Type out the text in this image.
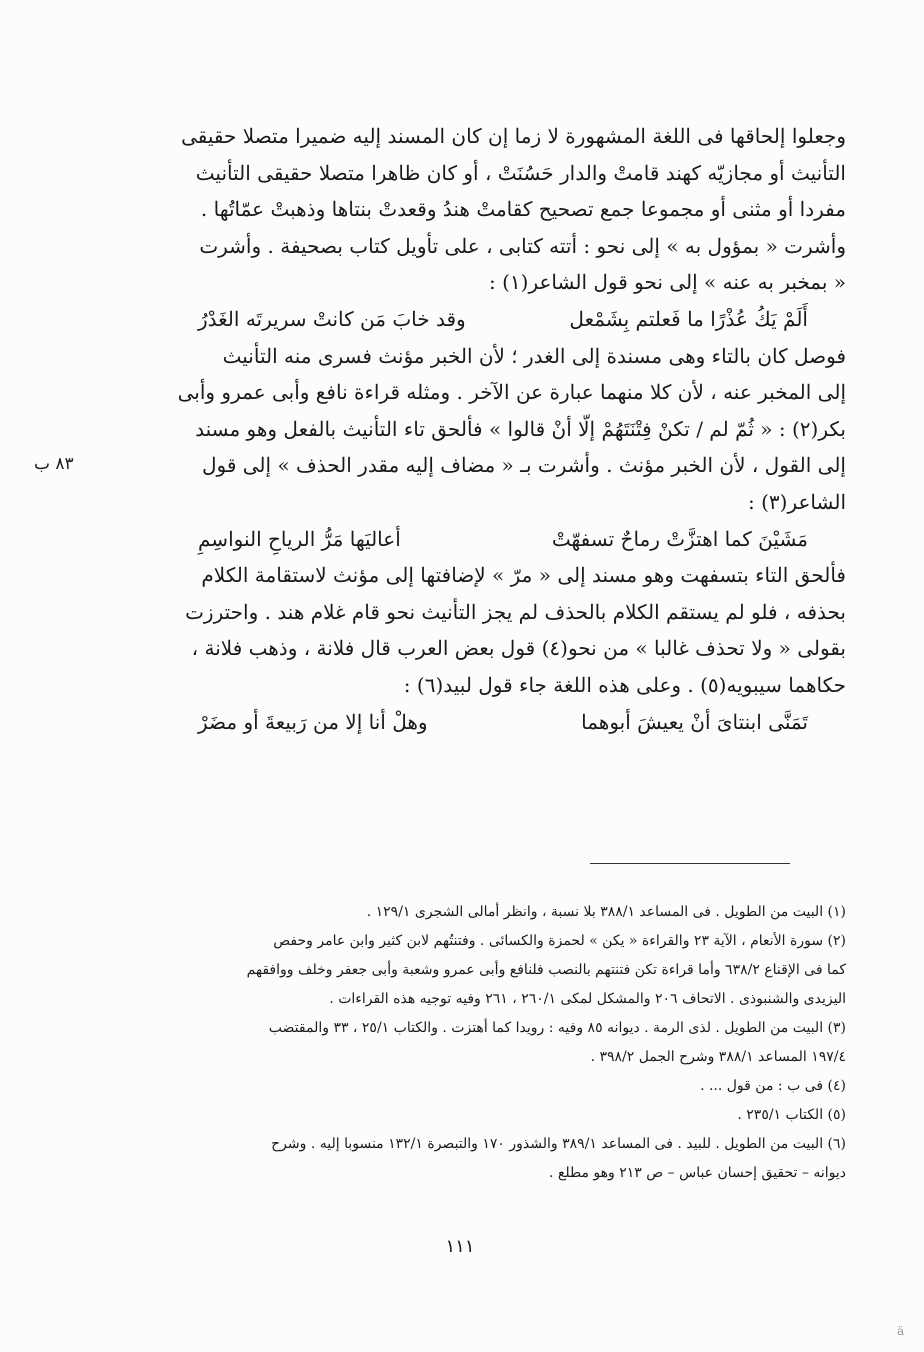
وجعلوا إلحاقها فى اللغة المشهورة لا زما إن كان المسند إليه ضميرا متصلا حقيقى

التأنيث أو مجازيّه كهند قامتْ والدار حَسُنَتْ ، أو كان ظاهرا متصلا حقيقى التأنيث

مفردا أو مثنى أو مجموعا جمع تصحيح كقامتْ هندُ وقعدتْ بنتاها وذهبتْ عمّاتُها .

وأشرت « بمؤول به » إلى نحو : أتته كتابى ، على تأويل كتاب بصحيفة . وأشرت

« بمخبر به عنه » إلى نحو قول الشاعر(١) :

أَلَمْ يَكُ عُذْرًا ما فَعلتم بِشَمْعل
وقد خابَ مَن كانتْ سريرتَه الغَدْرُ

فوصل كان بالتاء وهى مسندة إلى الغدر ؛ لأن الخبر مؤنث فسرى منه التأنيث

إلى المخبر عنه ، لأن كلا منهما عبارة عن الآخر . ومثله قراءة نافع وأبى عمرو وأبى

بكر(٢) : « ثُمّ لم / تكنْ فِتْنَتَهُمْ إلّا أنْ قالوا » فألحق تاء التأنيث بالفعل وهو مسند

إلى القول ، لأن الخبر مؤنث . وأشرت بـ « مضاف إليه مقدر الحذف » إلى قول

الشاعر(٣) :

مَشَيْنَ كما اهتزَّتْ رماحٌ تسفهّتْ
أعاليَها مَرُّ الرياحِ النواسِمِ

فألحق التاء بتسفهت وهو مسند إلى « مرّ » لإضافتها إلى مؤنث لاستقامة الكلام

بحذفه ، فلو لم يستقم الكلام بالحذف لم يجز التأنيث نحو قام غلام هند . واحترزت

بقولى « ولا تحذف غالبا » من نحو(٤) قول بعض العرب قال فلانة ، وذهب فلانة ،

حكاهما سيبويه(٥) . وعلى هذه اللغة جاء قول لبيد(٦) :

تَمَنَّى ابنتاىَ أنْ يعيشَ أبوهما
وهلْ أنا إلا من رَبيعةَ أو مضَرْ
٨٣ ب

(١) البيت من الطويل . فى المساعد ٣٨٨/١ بلا نسبة ، وانظر أمالى الشجرى ١٢٩/١ .

(٢) سورة الأنعام ، الآية ٢٣ والقراءة « يكن » لحمزة والكسائى . وفتنتُهم لابن كثير وابن عامر وحفص

كما فى الإقناع ٦٣٨/٢ وأما قراءة تكن فتنتهم بالنصب فلنافع وأبى عمرو وشعبة وأبى جعفر وخلف ووافقهم

اليزيدى والشنبوذى . الاتحاف ٢٠٦ والمشكل لمكى ٢٦٠/١ ، ٢٦١ وفيه توجيه هذه القراءات .

(٣) البيت من الطويل . لذى الرمة . ديوانه ٨٥ وفيه : رويدا كما أهتزت . والكتاب ٢٥/١ ، ٣٣ والمقتضب

١٩٧/٤ المساعد ٣٨٨/١ وشرح الجمل ٣٩٨/٢ .

(٤) فى ب : من قول ... .

(٥) الكتاب ٢٣٥/١ .

(٦) البيت من الطويل . للبيد . فى المساعد ٣٨٩/١ والشذور ١٧٠ والتبصرة ١٣٢/١ منسوبا إليه . وشرح

ديوانه – تحقيق إحسان عباس – ص ٢١٣ وهو مطلع .

١١١
ä
